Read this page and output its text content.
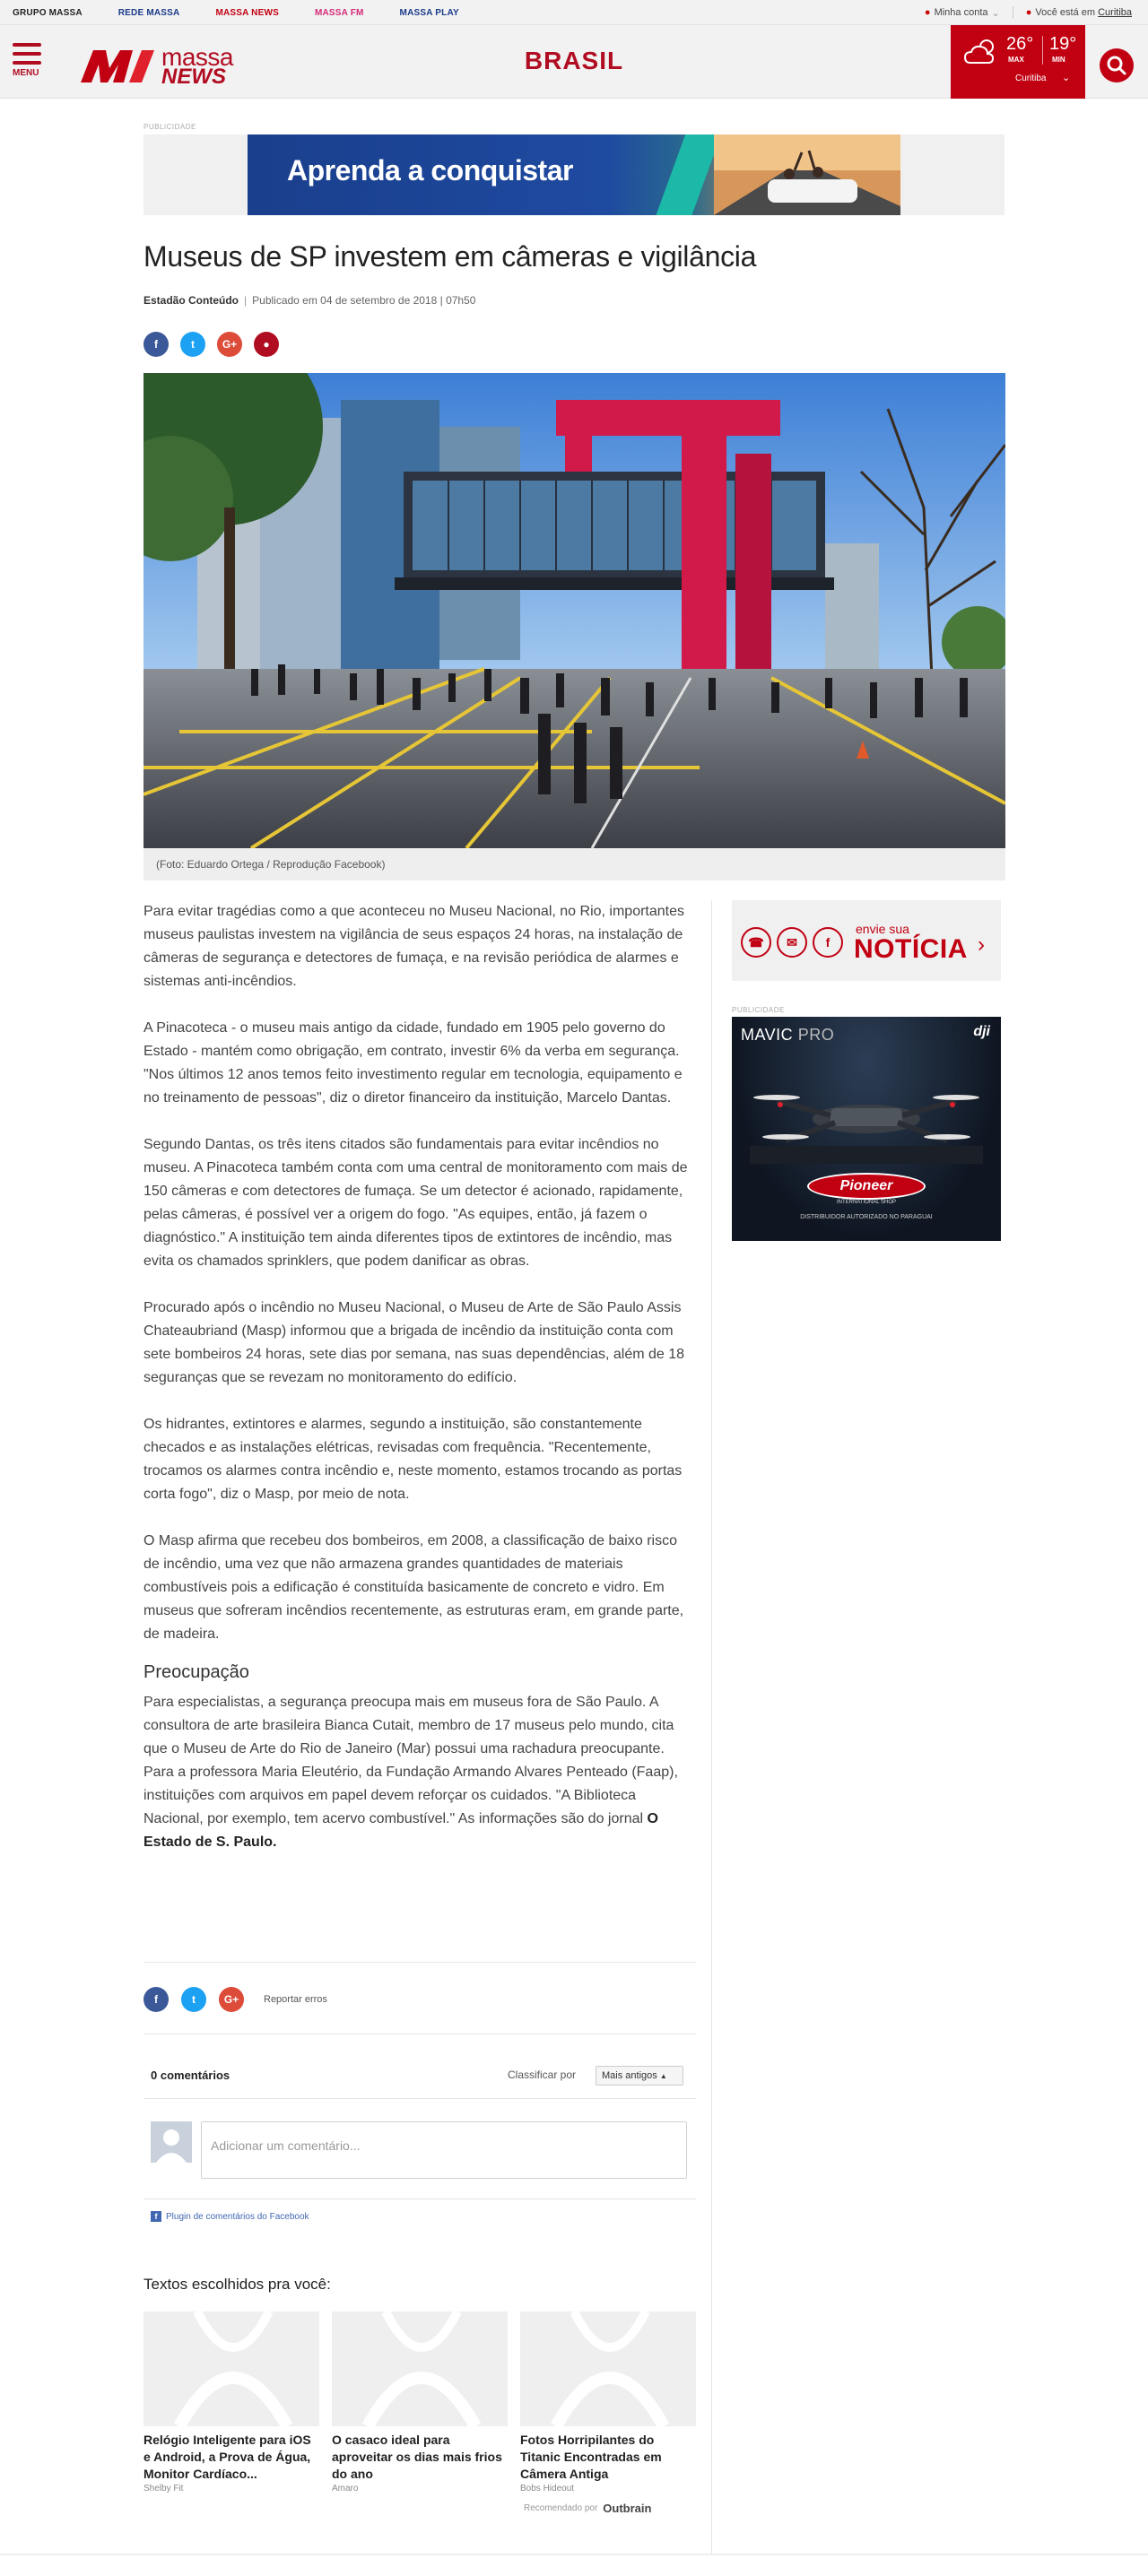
GRUPO MASSA	REDE MASSA	MASSA NEWS	MASSA FM	MASSA PLAY	● Minha conta ⌄	● Você está em
Curitiba
MENU
massa
NEWS
BRASIL
26°
MAX
19°
MIN
Curitiba ⌄
PUBLICIDADE
Aprenda a conquistar
Museus de SP investem em câmeras e vigilância
Estadão Conteúdo | Publicado em 04 de setembro de 2018 | 07h50
f	t	G+ ●
(Foto: Eduardo Ortega / Reprodução Facebook)

Para evitar tragédias como a que aconteceu no Museu Nacional, no Rio, importantes museus paulistas investem na vigilância de seus espaços 24 horas, na instalação de câmeras de segurança e detectores de fumaça, e na revisão periódica de alarmes e sistemas anti-incêndios.

A Pinacoteca - o museu mais antigo da cidade, fundado em 1905 pelo governo do Estado - mantém como obrigação, em contrato, investir 6% da verba em segurança. "Nos últimos 12 anos temos feito investimento regular em tecnologia, equipamento e no treinamento de pessoas", diz o diretor financeiro da instituição, Marcelo Dantas.

Segundo Dantas, os três itens citados são fundamentais para evitar incêndios no museu. A Pinacoteca também conta com uma central de monitoramento com mais de 150 câmeras e com detectores de fumaça. Se um detector é acionado, rapidamente, pelas câmeras, é possível ver a origem do fogo. "As equipes, então, já fazem o diagnóstico." A instituição tem ainda diferentes tipos de extintores de incêndio, mas evita os chamados sprinklers, que podem danificar as obras.

Procurado após o incêndio no Museu Nacional, o Museu de Arte de São Paulo Assis Chateaubriand (Masp) informou que a brigada de incêndio da instituição conta com sete bombeiros 24 horas, sete dias por semana, nas suas dependências, além de 18 seguranças que se revezam no monitoramento do edifício.

Os hidrantes, extintores e alarmes, segundo a instituição, são constantemente checados e as instalações elétricas, revisadas com frequência. "Recentemente, trocamos os alarmes contra incêndio e, neste momento, estamos trocando as portas corta fogo", diz o Masp, por meio de nota.

O Masp afirma que recebeu dos bombeiros, em 2008, a classificação de baixo risco de incêndio, uma vez que não armazena grandes quantidades de materiais combustíveis pois a edificação é constituída basicamente de concreto e vidro. Em museus que sofreram incêndios recentemente, as estruturas eram, em grande parte, de madeira.

Preocupação

Para especialistas, a segurança preocupa mais em museus fora de São Paulo. A consultora de arte brasileira Bianca Cutait, membro de 17 museus pelo mundo, cita que o Museu de Arte do Rio de Janeiro (Mar) possui uma rachadura preocupante. Para a professora Maria Eleutério, da Fundação Armando Alvares Penteado (Faap), instituições com arquivos em papel devem reforçar os cuidados. "A Biblioteca Nacional, por exemplo, tem acervo combustível." As informações são do jornal O Estado de S. Paulo.

☎	✉	f
envie sua
NOTÍCIA ›
PUBLICIDADE
MAVIC PRO	dji
Pioneer
INTERNATIONAL SHOP
DISTRIBUIDOR AUTORIZADO NO PARAGUAI
f	t	G+	Reportar erros
0 comentários	Classificar por	Mais antigos ▲
Adicionar um comentário...
f Plugin de comentários do Facebook
Textos escolhidos pra você:
Relógio Inteligente para iOS e Android, a Prova de Água, Monitor Cardíaco...
Shelby Fit
O casaco ideal para aproveitar os dias mais frios do ano
Amaro
Fotos Horripilantes do Titanic Encontradas em Câmera Antiga
Bobs Hideout
Recomendado por Outbrain
